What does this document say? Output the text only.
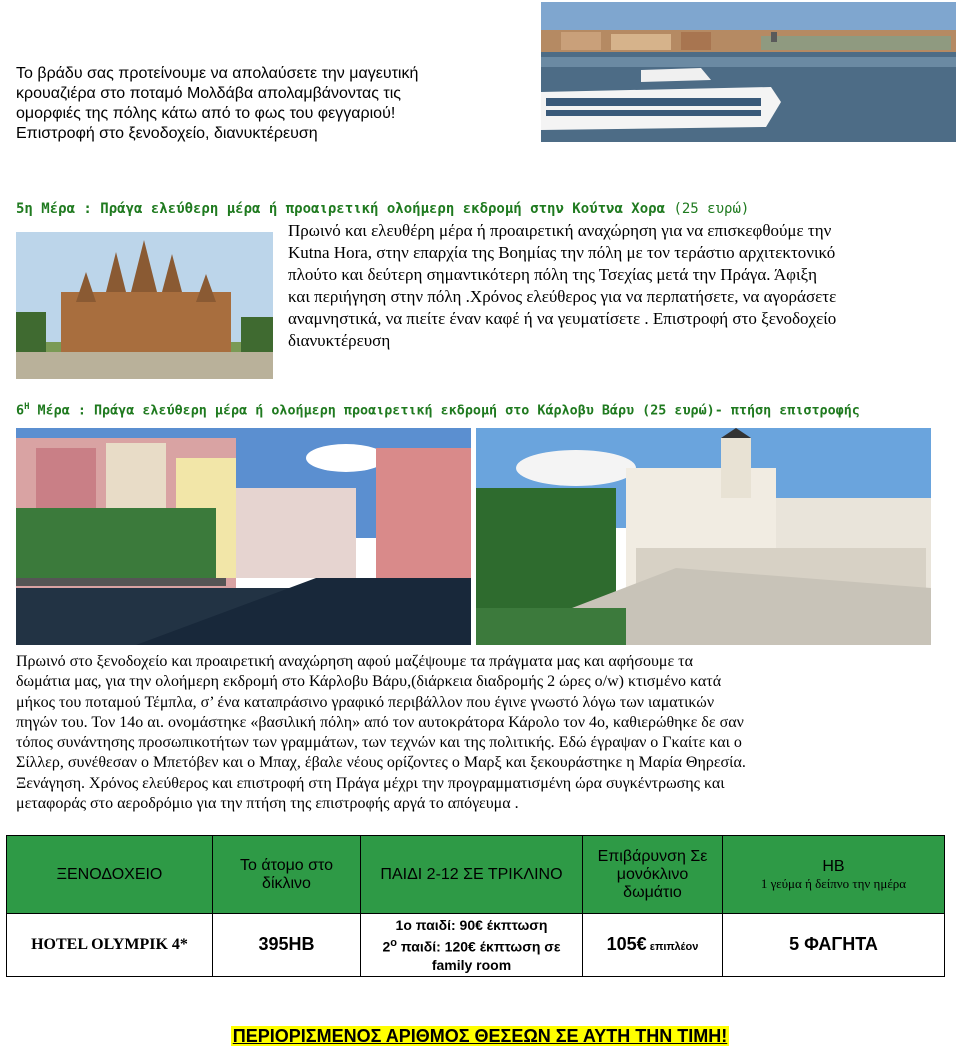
Το βράδυ σας προτείνουμε να απολαύσετε την μαγευτική
κρουαζιέρα στο ποταμό Μολδάβα απολαμβάνοντας τις
ομορφιές της πόλης κάτω από το φως του φεγγαριού!
Επιστροφή στο ξενοδοχείο, διανυκτέρευση
5η Μέρα : Πράγα ελεύθερη μέρα ή προαιρετική ολοήμερη εκδρομή στην Κούτνα Χορα (25 ευρώ)
Πρωινό και ελευθέρη μέρα ή προαιρετική αναχώρηση για να επισκεφθούμε την
Kutna Hora, στην επαρχία της Βοημίας την πόλη με τον τεράστιο αρχιτεκτονικό
πλούτο και δεύτερη σημαντικότερη πόλη της Τσεχίας μετά την Πράγα. Άφιξη
και περιήγηση στην πόλη .Χρόνος ελεύθερος για να περπατήσετε, να αγοράσετε
αναμνηστικά, να πιείτε έναν καφέ ή να γευματίσετε . Επιστροφή στο ξενοδοχείο
διανυκτέρευση
$6^H$ Μέρα : Πράγα ελεύθερη μέρα ή ολοήμερη προαιρετική εκδρομή στο Κάρλοβυ Βάρυ (25 ευρώ)- πτήση επιστροφής
Πρωινό στο ξενοδοχείο και προαιρετική αναχώρηση αφού μαζέψουμε τα πράγματα μας και αφήσουμε τα
δωμάτια μας, για την ολοήμερη εκδρομή στο Κάρλοβυ Βάρυ,(διάρκεια διαδρομής 2 ώρες ο/w) κτισμένο κατά
μήκος του ποταμού Τέμπλα, σ’ ένα καταπράσινο γραφικό περιβάλλον που έγινε γνωστό λόγω των ιαματικών
πηγών του. Τον 14ο αι. ονομάστηκε «βασιλική πόλη» από τον αυτοκράτορα Κάρολο τον 4ο, καθιερώθηκε δε σαν
τόπος συνάντησης προσωπικοτήτων των γραμμάτων, των τεχνών και της πολιτικής. Εδώ έγραψαν ο Γκαίτε και ο
Σίλλερ, συνέθεσαν ο Μπετόβεν και ο Μπαχ, έβαλε νέους ορίζοντες ο Μαρξ και ξεκουράστηκε η Μαρία Θηρεσία.
Ξενάγηση. Χρόνος ελεύθερος και επιστροφή στη Πράγα μέχρι την προγραμματισμένη ώρα συγκέντρωσης και
μεταφοράς στο αεροδρόμιο για την πτήση της επιστροφής αργά το απόγευμα .
ΞΕΝΟΔΟΧΕΙΟ	Το άτομο στο δίκλινο	ΠΑΙΔΙ 2-12 ΣΕ ΤΡΙΚΛΙΝΟ	Επιβάρυνση Σε μονόκλινο δωμάτιο	HB
1 γεύμα ή δείπνο την ημέρα

HOTEL OLYMPIK 4*	395HB	1ο παιδί: 90€ έκπτωση
$2^o$ παιδί: 120€ έκπτωση σε
family room	105€ επιπλέον	5 ΦΑΓΗΤΑ
ΠΕΡΙΟΡΙΣΜΕΝΟΣ ΑΡΙΘΜΟΣ ΘΕΣΕΩΝ ΣΕ ΑΥΤΗ ΤΗΝ ΤΙΜΗ!
